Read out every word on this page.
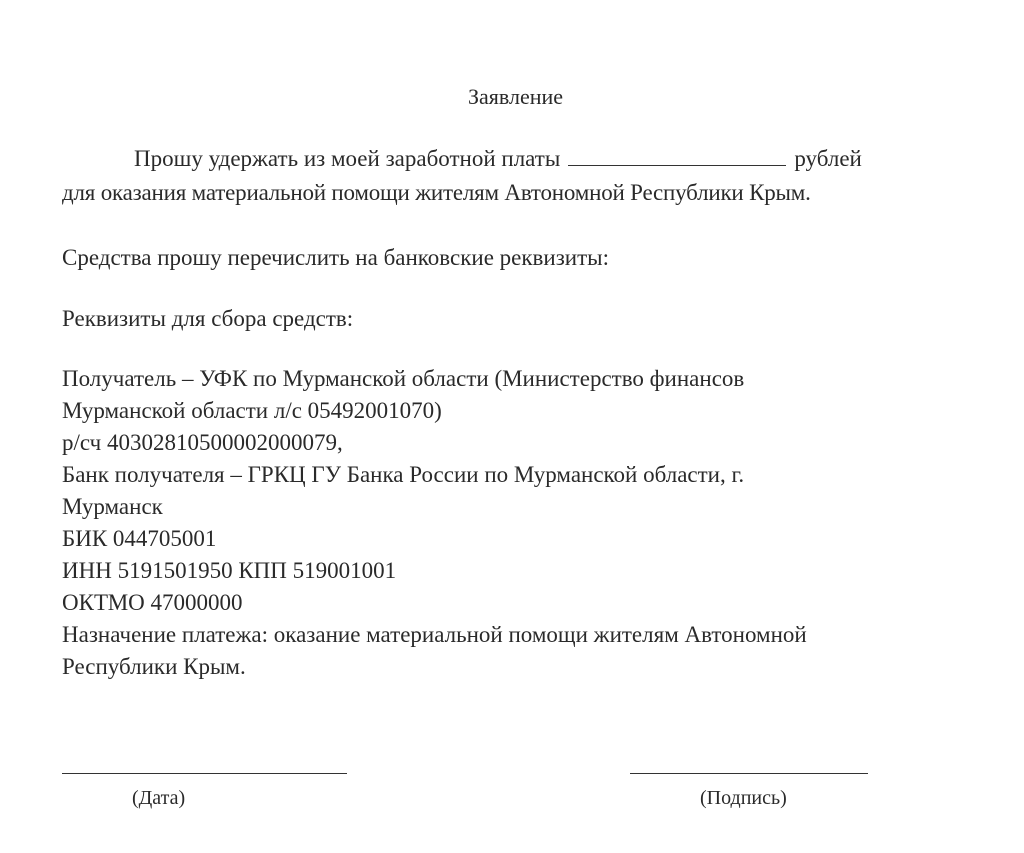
Заявление
Прошу удержать из моей заработной платы	рублей
для оказания материальной помощи жителям Автономной Республики Крым.
Средства прошу перечислить на банковские реквизиты:
Реквизиты для сбора средств:
Получатель – УФК по Мурманской области (Министерство финансов
Мурманской области л/с 05492001070)
р/сч 40302810500002000079,
Банк получателя – ГРКЦ ГУ Банка России по Мурманской области, г.
Мурманск
БИК 044705001
ИНН 5191501950 КПП 519001001
ОКТМО 47000000
Назначение платежа: оказание материальной помощи жителям Автономной
Республики Крым.
(Дата)	(Подпись)
